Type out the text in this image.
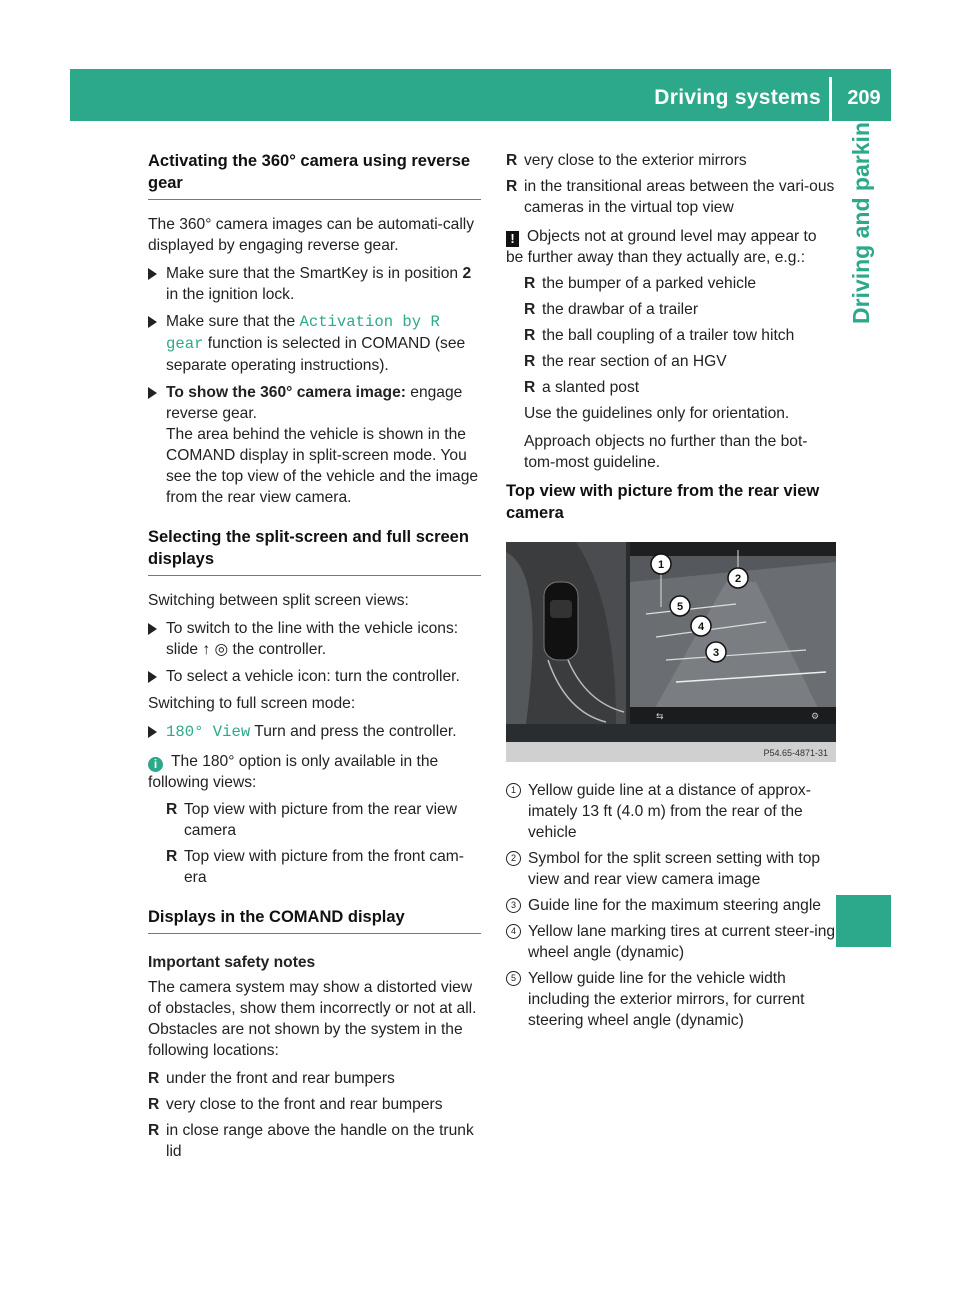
Driving systems 209
Driving and parking
Activating the 360° camera using reverse gear

The 360° camera images can be automati-cally displayed by engaging reverse gear.

Make sure that the SmartKey is in position 2 in the ignition lock.
Make sure that the Activation by R gear function is selected in COMAND (see separate operating instructions).
To show the 360° camera image: engage reverse gear.
The area behind the vehicle is shown in the COMAND display in split-screen mode. You see the top view of the vehicle and the image from the rear view camera.
Selecting the split-screen and full screen displays

Switching between split screen views:

To switch to the line with the vehicle icons: slide ↑ ◎ the controller.
To select a vehicle icon: turn the controller.

Switching to full screen mode:

180° View Turn and press the controller.
i The 180° option is only available in the following views:
R Top view with picture from the rear view camera
R Top view with picture from the front cam-era
Displays in the COMAND display
Important safety notes

The camera system may show a distorted view of obstacles, show them incorrectly or not at all. Obstacles are not shown by the system in the following locations:

R under the front and rear bumpers
R very close to the front and rear bumpers
R in close range above the handle on the trunk lid
R very close to the exterior mirrors
R in the transitional areas between the vari-ous cameras in the virtual top view
! Objects not at ground level may appear to be further away than they actually are, e.g.:
R the bumper of a parked vehicle
R the drawbar of a trailer
R the ball coupling of a trailer tow hitch
R the rear section of an HGV
R a slanted post

Use the guidelines only for orientation.

Approach objects no further than the bot-tom-most guideline.

Top view with picture from the rear view camera
⇆	⚙
1
2
3
4
5
P54.65-4871-31
1 Yellow guide line at a distance of approx-imately 13 ft (4.0 m) from the rear of the vehicle
2 Symbol for the split screen setting with top view and rear view camera image
3 Guide line for the maximum steering angle
4 Yellow lane marking tires at current steer-ing wheel angle (dynamic)
5 Yellow guide line for the vehicle width including the exterior mirrors, for current steering wheel angle (dynamic)
